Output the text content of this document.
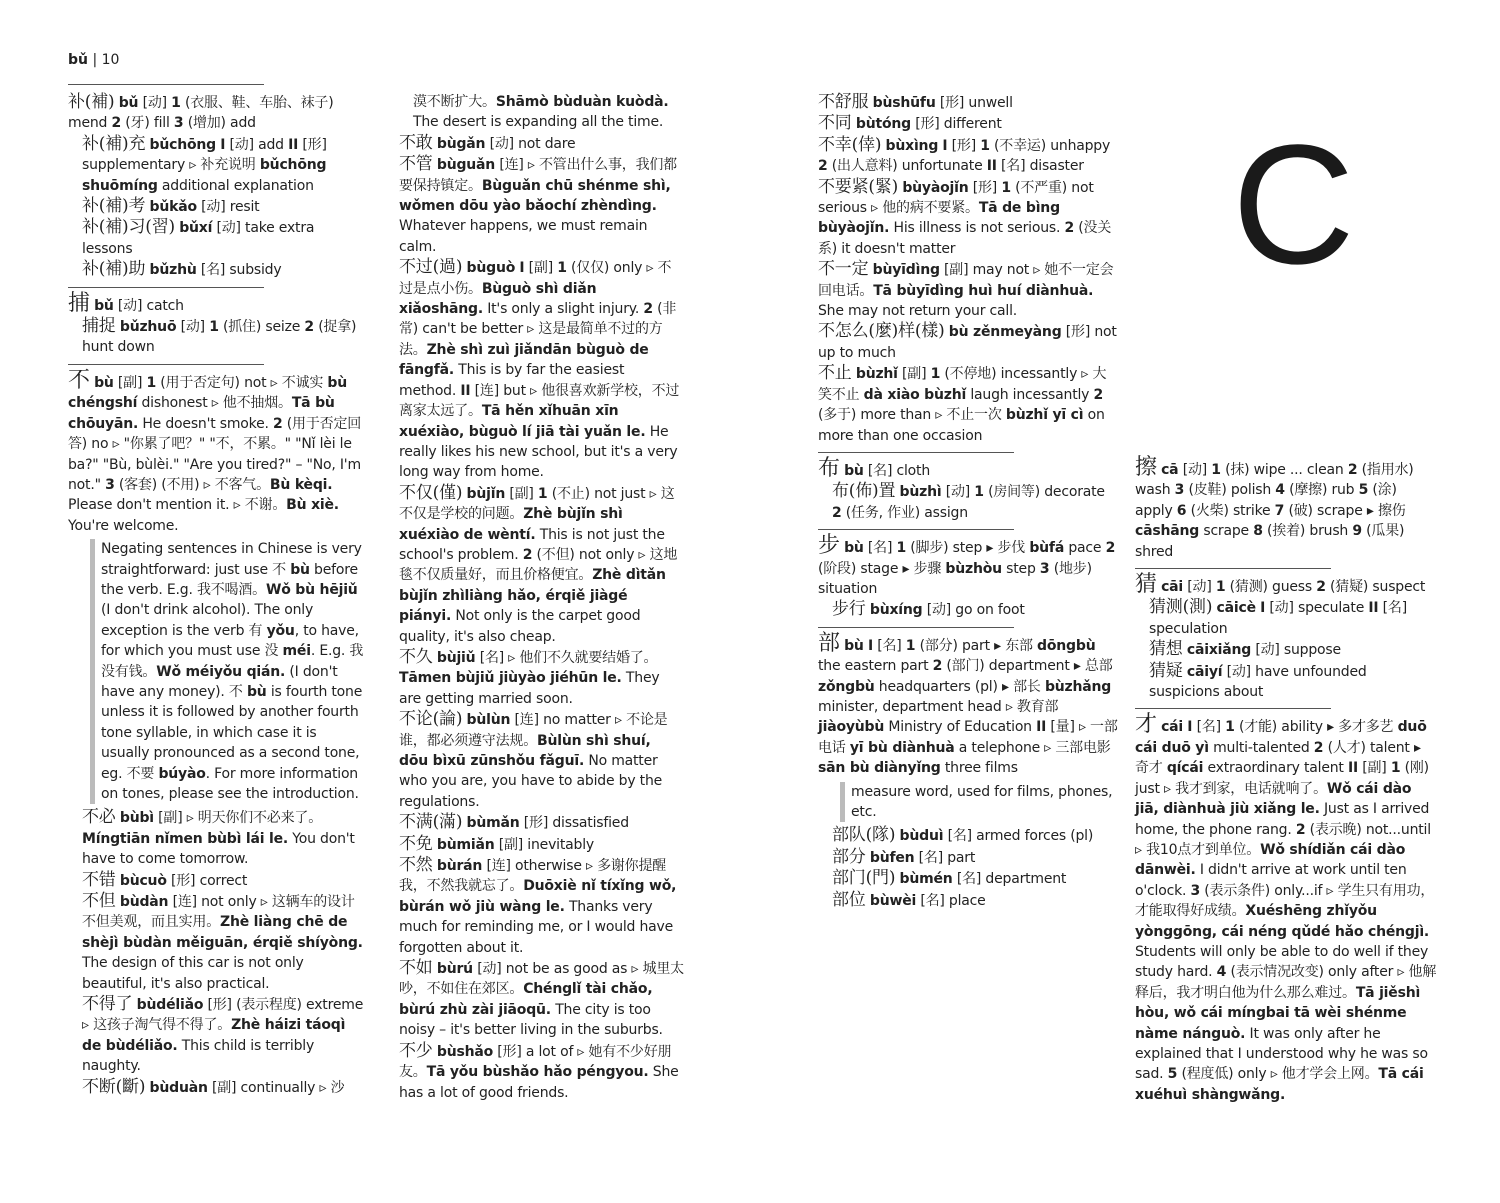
bǔ | 10
补(補) bǔ [动] 1 (衣服、鞋、车胎、袜子) mend 2 (牙) fill 3 (增加) add
补(補)充 bǔchōng I [动] add II [形] supplementary ▹ 补充说明 bǔchōng shuōmíng additional explanation
补(補)考 bǔkǎo [动] resit
补(補)习(習) bǔxí [动] take extra lessons
补(補)助 bǔzhù [名] subsidy
捕 bǔ [动] catch
捕捉 bǔzhuō [动] 1 (抓住) seize 2 (捉拿) hunt down
不 bù [副] 1 (用于否定句) not ▹ 不诚实 bù chéngshí dishonest ▹ 他不抽烟。Tā bù chōuyān. He doesn't smoke. 2 (用于否定回答) no ▹ "你累了吧？" "不，不累。" "Nǐ lèi le ba?" "Bù, bùlèi." "Are you tired?" – "No, I'm not." 3 (客套) (不用) ▹ 不客气。Bù kèqi. Please don't mention it. ▹ 不谢。Bù xiè. You're welcome.
Negating sentences in Chinese is very straightforward: just use 不 bù before the verb. E.g. 我不喝酒。Wǒ bù hējiǔ (I don't drink alcohol). The only exception is the verb 有 yǒu, to have, for which you must use 没 méi. E.g. 我没有钱。Wǒ méiyǒu qián. (I don't have any money). 不 bù is fourth tone unless it is followed by another fourth tone syllable, in which case it is usually pronounced as a second tone, eg. 不要 búyào. For more information on tones, please see the introduction.
不必 bùbì [副] ▹ 明天你们不必来了。Míngtiān nǐmen bùbì lái le. You don't have to come tomorrow.
不错 bùcuò [形] correct
不但 bùdàn [连] not only ▹ 这辆车的设计不但美观，而且实用。Zhè liàng chē de shèjì bùdàn měiguān, érqiě shíyòng. The design of this car is not only beautiful, it's also practical.
不得了 bùdéliǎo [形] (表示程度) extreme ▹ 这孩子淘气得不得了。Zhè háizi táoqì de bùdéliǎo. This child is terribly naughty.
不断(斷) bùduàn [副] continually ▹ 沙
漠不断扩大。Shāmò bùduàn kuòdà. The desert is expanding all the time.
不敢 bùgǎn [动] not dare
不管 bùguǎn [连] ▹ 不管出什么事，我们都要保持镇定。Bùguǎn chū shénme shì, wǒmen dōu yào bǎochí zhèndìng. Whatever happens, we must remain calm.
不过(過) bùguò I [副] 1 (仅仅) only ▹ 不过是点小伤。Bùguò shì diǎn xiǎoshāng. It's only a slight injury. 2 (非常) can't be better ▹ 这是最简单不过的方法。Zhè shì zuì jiǎndān bùguò de fāngfǎ. This is by far the easiest method. II [连] but ▹ 他很喜欢新学校，不过离家太远了。Tā hěn xǐhuān xīn xuéxiào, bùguò lí jiā tài yuǎn le. He really likes his new school, but it's a very long way from home.
不仅(僅) bùjǐn [副] 1 (不止) not just ▹ 这不仅是学校的问题。Zhè bùjǐn shì xuéxiào de wèntí. This is not just the school's problem. 2 (不但) not only ▹ 这地毯不仅质量好，而且价格便宜。Zhè dìtǎn bùjǐn zhìliàng hǎo, érqiě jiàgé piányi. Not only is the carpet good quality, it's also cheap.
不久 bùjiǔ [名] ▹ 他们不久就要结婚了。Tāmen bùjiǔ jiùyào jiéhūn le. They are getting married soon.
不论(論) bùlùn [连] no matter ▹ 不论是谁，都必须遵守法规。Bùlùn shì shuí, dōu bìxū zūnshǒu fǎguī. No matter who you are, you have to abide by the regulations.
不满(滿) bùmǎn [形] dissatisfied
不免 bùmiǎn [副] inevitably
不然 bùrán [连] otherwise ▹ 多谢你提醒我，不然我就忘了。Duōxiè nǐ tíxǐng wǒ, bùrán wǒ jiù wàng le. Thanks very much for reminding me, or I would have forgotten about it.
不如 bùrú [动] not be as good as ▹ 城里太吵，不如住在郊区。Chénglǐ tài chǎo, bùrú zhù zài jiāoqū. The city is too noisy – it's better living in the suburbs.
不少 bùshǎo [形] a lot of ▹ 她有不少好朋友。Tā yǒu bùshǎo hǎo péngyou. She has a lot of good friends.
不舒服 bùshūfu [形] unwell
不同 bùtóng [形] different
不幸(倖) bùxìng I [形] 1 (不幸运) unhappy 2 (出人意料) unfortunate II [名] disaster
不要紧(緊) bùyàojǐn [形] 1 (不严重) not serious ▹ 他的病不要紧。Tā de bìng bùyàojǐn. His illness is not serious. 2 (没关系) it doesn't matter
不一定 bùyīdìng [副] may not ▹ 她不一定会回电话。Tā bùyīdìng huì huí diànhuà. She may not return your call.
不怎么(麼)样(樣) bù zěnmeyàng [形] not up to much
不止 bùzhǐ [副] 1 (不停地) incessantly ▹ 大笑不止 dà xiào bùzhǐ laugh incessantly 2 (多于) more than ▹ 不止一次 bùzhǐ yī cì on more than one occasion
布 bù [名] cloth
布(佈)置 bùzhì [动] 1 (房间等) decorate 2 (任务, 作业) assign
步 bù [名] 1 (脚步) step ▸ 步伐 bùfá pace 2 (阶段) stage ▸ 步骤 bùzhòu step 3 (地步) situation
步行 bùxíng [动] go on foot
部 bù I [名] 1 (部分) part ▸ 东部 dōngbù the eastern part 2 (部门) department ▸ 总部 zǒngbù headquarters (pl) ▸ 部长 bùzhǎng minister, department head ▹ 教育部 jiàoyùbù Ministry of Education II [量] ▹ 一部电话 yī bù diànhuà a telephone ▹ 三部电影 sān bù diànyǐng three films
measure word, used for films, phones, etc.
部队(隊) bùduì [名] armed forces (pl)
部分 bùfen [名] part
部门(門) bùmén [名] department
部位 bùwèi [名] place
擦 cā [动] 1 (抹) wipe ... clean 2 (指用水) wash 3 (皮鞋) polish 4 (摩擦) rub 5 (涂) apply 6 (火柴) strike 7 (破) scrape ▸ 擦伤 cāshāng scrape 8 (挨着) brush 9 (瓜果) shred
猜 cāi [动] 1 (猜测) guess 2 (猜疑) suspect
猜测(測) cāicè I [动] speculate II [名] speculation
猜想 cāixiǎng [动] suppose
猜疑 cāiyí [动] have unfounded suspicions about
才 cái I [名] 1 (才能) ability ▸ 多才多艺 duō cái duō yì multi-talented 2 (人才) talent ▸ 奇才 qícái extraordinary talent II [副] 1 (刚) just ▹ 我才到家，电话就响了。Wǒ cái dào jiā, diànhuà jiù xiǎng le. Just as I arrived home, the phone rang. 2 (表示晚) not...until ▹ 我10点才到单位。Wǒ shídiǎn cái dào dānwèi. I didn't arrive at work until ten o'clock. 3 (表示条件) only...if ▹ 学生只有用功，才能取得好成绩。Xuéshēng zhǐyǒu yònggōng, cái néng qǔdé hǎo chéngjì. Students will only be able to do well if they study hard. 4 (表示情况改变) only after ▹ 他解释后，我才明白他为什么那么难过。Tā jiěshì hòu, wǒ cái míngbai tā wèi shénme nàme nánguò. It was only after he explained that I understood why he was so sad. 5 (程度低) only ▹ 他才学会上网。Tā cái xuéhuì shàngwǎng.
C
